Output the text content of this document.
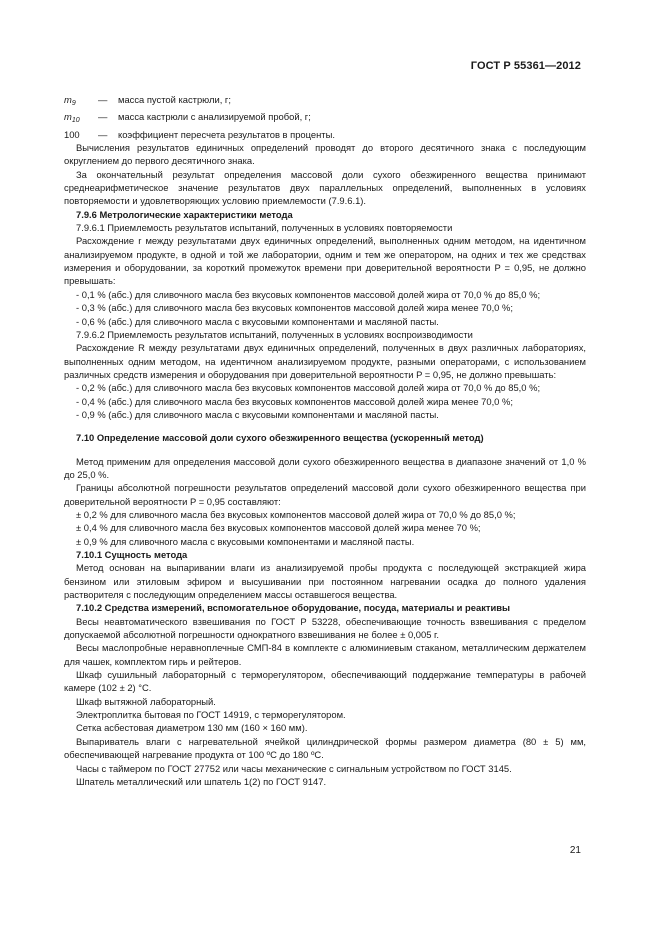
ГОСТ Р 55361—2012
$m_9$	—	масса пустой кастрюли, г;
$m_{10}$	—	масса кастрюли с анализируемой пробой, г;
100	—	коэффициент пересчета результатов в проценты.

Вычисления результатов единичных определений проводят до второго десятичного знака с последующим округлением до первого десятичного знака.

За окончательный результат определения массовой доли сухого обезжиренного вещества принимают среднеарифметическое значение результатов двух параллельных определений, выполненных в условиях повторяемости и удовлетворяющих условию приемлемости (7.9.6.1).

7.9.6 Метрологические характеристики метода

7.9.6.1 Приемлемость результатов испытаний, полученных в условиях повторяемости

Расхождение r между результатами двух единичных определений, выполненных одним методом, на идентичном анализируемом продукте, в одной и той же лаборатории, одним и тем же оператором, на одних и тех же средствах измерения и оборудовании, за короткий промежуток времени при доверительной вероятности P = 0,95, не должно превышать:

- 0,1 % (абс.) для сливочного масла без вкусовых компонентов массовой долей жира от 70,0 % до 85,0 %;

- 0,3 % (абс.) для сливочного масла без вкусовых компонентов массовой долей жира менее 70,0 %;

- 0,6 % (абс.) для сливочного масла с вкусовыми компонентами и масляной пасты.

7.9.6.2 Приемлемость результатов испытаний, полученных в условиях воспроизводимости

Расхождение R между результатами двух единичных определений, полученных в двух различных лабораториях, выполненных одним методом, на идентичном анализируемом продукте, разными операторами, с использованием различных средств измерения и оборудования при доверительной вероятности P = 0,95, не должно превышать:

- 0,2 % (абс.) для сливочного масла без вкусовых компонентов массовой долей жира от 70,0 % до 85,0 %;

- 0,4 % (абс.) для сливочного масла без вкусовых компонентов массовой долей жира менее 70,0 %;

- 0,9 % (абс.) для сливочного масла с вкусовыми компонентами и масляной пасты.

7.10 Определение массовой доли сухого обезжиренного вещества (ускоренный метод)

Метод применим для определения массовой доли сухого обезжиренного вещества в диапазоне значений от 1,0 % до 25,0 %.

Границы абсолютной погрешности результатов определений массовой доли сухого обезжиренного вещества при доверительной вероятности P = 0,95 составляют:

± 0,2 % для сливочного масла без вкусовых компонентов массовой долей жира от 70,0 % до 85,0 %;

± 0,4 % для сливочного масла без вкусовых компонентов массовой долей жира менее 70 %;

± 0,9 % для сливочного масла с вкусовыми компонентами и масляной пасты.

7.10.1 Сущность метода

Метод основан на выпаривании влаги из анализируемой пробы продукта с последующей экстракцией жира бензином или этиловым эфиром и высушивании при постоянном нагревании осадка до полного удаления растворителя с последующим определением массы оставшегося вещества.

7.10.2 Средства измерений, вспомогательное оборудование, посуда, материалы и реактивы

Весы неавтоматического взвешивания по ГОСТ Р 53228, обеспечивающие точность взвешивания с пределом допускаемой абсолютной погрешности однократного взвешивания не более ± 0,005 г.

Весы маслопробные неравноплечные СМП-84 в комплекте с алюминиевым стаканом, металлическим держателем для чашек, комплектом гирь и рейтеров.

Шкаф сушильный лабораторный с терморегулятором, обеспечивающий поддержание температуры в рабочей камере (102 ± 2) °С.

Шкаф вытяжной лабораторный.

Электроплитка бытовая по ГОСТ 14919, с терморегулятором.

Сетка асбестовая диаметром 130 мм (160 × 160 мм).

Выпариватель влаги с нагревательной ячейкой цилиндрической формы размером диаметра (80 ± 5) мм, обеспечивающей нагревание продукта от 100 ºС до 180 ºС.

Часы с таймером по ГОСТ 27752 или часы механические с сигнальным устройством по ГОСТ 3145.

Шпатель металлический или шпатель 1(2) по ГОСТ 9147.

21
